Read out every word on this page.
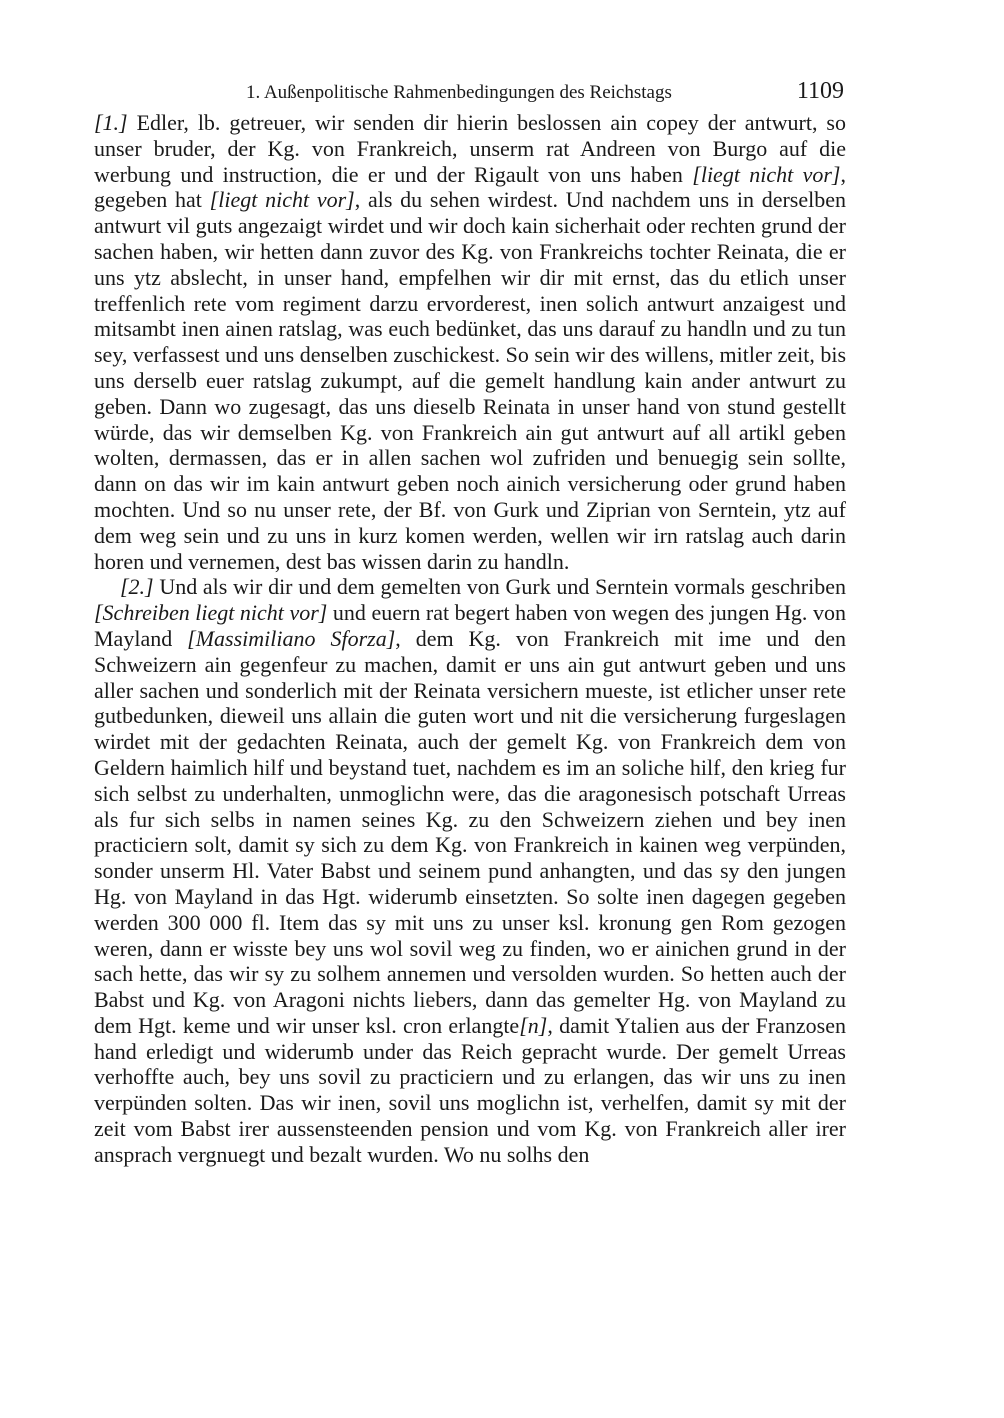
1. Außenpolitische Rahmenbedingungen des Reichstags	1109

[1.] Edler, lb. getreuer, wir senden dir hierin beslossen ain copey der antwurt, so unser bruder, der Kg. von Frankreich, unserm rat Andreen von Burgo auf die werbung und instruction, die er und der Rigault von uns haben [liegt nicht vor], gegeben hat [liegt nicht vor], als du sehen wirdest. Und nachdem uns in derselben antwurt vil guts angezaigt wirdet und wir doch kain sicherhait oder rechten grund der sachen haben, wir hetten dann zuvor des Kg. von Frankreichs tochter Reinata, die er uns ytz abslecht, in unser hand, empfelhen wir dir mit ernst, das du etlich unser treffenlich rete vom regiment darzu ervorderest, inen solich antwurt anzaigest und mitsambt inen ainen ratslag, was euch bedünket, das uns darauf zu handln und zu tun sey, verfassest und uns denselben zuschickest. So sein wir des willens, mitler zeit, bis uns derselb euer ratslag zukumpt, auf die gemelt handlung kain ander antwurt zu geben. Dann wo zugesagt, das uns dieselb Reinata in unser hand von stund gestellt würde, das wir demselben Kg. von Frankreich ain gut antwurt auf all artikl geben wolten, dermassen, das er in allen sachen wol zufriden und benuegig sein sollte, dann on das wir im kain antwurt geben noch ainich versicherung oder grund haben mochten. Und so nu unser rete, der Bf. von Gurk und Ziprian von Serntein, ytz auf dem weg sein und zu uns in kurz komen werden, wellen wir irn ratslag auch darin horen und vernemen, dest bas wissen darin zu handln.

[2.] Und als wir dir und dem gemelten von Gurk und Serntein vormals geschriben [Schreiben liegt nicht vor] und euern rat begert haben von wegen des jungen Hg. von Mayland [Massimiliano Sforza], dem Kg. von Frankreich mit ime und den Schweizern ain gegenfeur zu machen, damit er uns ain gut antwurt geben und uns aller sachen und sonderlich mit der Reinata versichern mueste, ist etlicher unser rete gutbedunken, dieweil uns allain die guten wort und nit die versicherung furgeslagen wirdet mit der gedachten Reinata, auch der gemelt Kg. von Frankreich dem von Geldern haimlich hilf und beystand tuet, nachdem es im an soliche hilf, den krieg fur sich selbst zu underhalten, unmoglichn were, das die aragonesisch potschaft Urreas als fur sich selbs in namen seines Kg. zu den Schweizern ziehen und bey inen practiciern solt, damit sy sich zu dem Kg. von Frankreich in kainen weg verpünden, sonder unserm Hl. Vater Babst und seinem pund anhangten, und das sy den jungen Hg. von Mayland in das Hgt. widerumb einsetzten. So solte inen dagegen gegeben werden 300 000 fl. Item das sy mit uns zu unser ksl. kronung gen Rom gezogen weren, dann er wisste bey uns wol sovil weg zu finden, wo er ainichen grund in der sach hette, das wir sy zu solhem annemen und versolden wurden. So hetten auch der Babst und Kg. von Aragoni nichts liebers, dann das gemelter Hg. von Mayland zu dem Hgt. keme und wir unser ksl. cron erlangte[n], damit Ytalien aus der Franzosen hand erledigt und widerumb under das Reich gepracht wurde. Der gemelt Urreas verhoffte auch, bey uns sovil zu practiciern und zu erlangen, das wir uns zu inen verpünden solten. Das wir inen, sovil uns moglichn ist, verhelfen, damit sy mit der zeit vom Babst irer aussensteenden pension und vom Kg. von Frankreich aller irer ansprach vergnuegt und bezalt wurden. Wo nu solhs den
